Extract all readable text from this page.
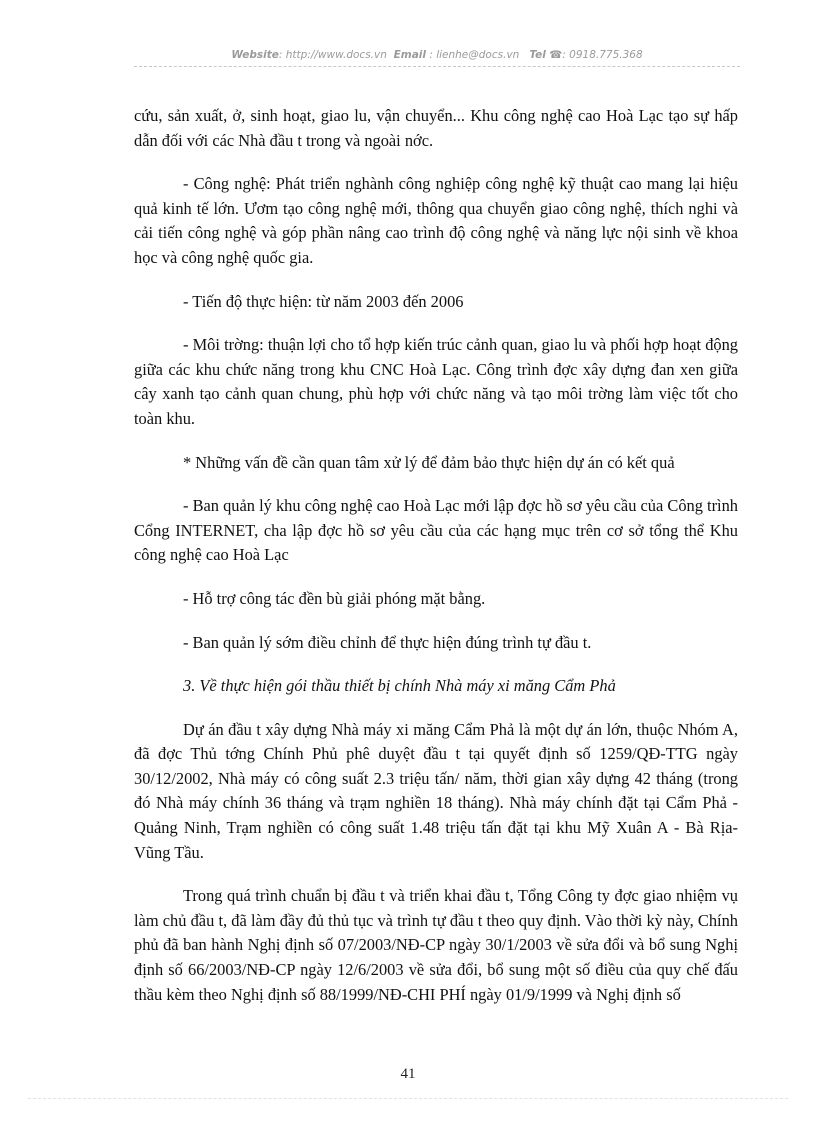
Website: http://www.docs.vn Email : lienhe@docs.vn Tel ☎: 0918.775.368

cứu, sản xuất, ở, sinh hoạt, giao lu, vận chuyển... Khu công nghệ cao Hoà Lạc tạo sự hấp dẫn đối với các Nhà đầu t trong và ngoài nớc.

- Công nghệ: Phát triển nghành công nghiệp công nghệ kỹ thuật cao mang lại hiệu quả kinh tế lớn. Ươm tạo công nghệ mới, thông qua chuyển giao công nghệ, thích nghi và cải tiến công nghệ và góp phần nâng cao trình độ công nghệ và năng lực nội sinh về khoa học và công nghệ quốc gia.

- Tiến độ thực hiện: từ năm 2003 đến 2006

- Môi trờng: thuận lợi cho tổ hợp kiến trúc cảnh quan, giao lu và phối hợp hoạt động giữa các khu chức năng trong khu CNC Hoà Lạc. Công trình đợc xây dựng đan xen giữa cây xanh tạo cảnh quan chung, phù hợp với chức năng và tạo môi trờng làm việc tốt cho toàn khu.

* Những vấn đề cần quan tâm xử lý để đảm bảo thực hiện dự án có kết quả

- Ban quản lý khu công nghệ cao Hoà Lạc mới lập đợc hồ sơ yêu cầu của Công trình Cổng INTERNET, cha lập đợc hồ sơ yêu cầu của các hạng mục trên cơ sở tổng thể Khu công nghệ cao Hoà Lạc

- Hỗ trợ công tác đền bù giải phóng mặt bằng.

- Ban quản lý sớm điều chỉnh để thực hiện đúng trình tự đầu t.

3. Về thực hiện gói thầu thiết bị chính Nhà máy xi măng Cẩm Phả

Dự án đầu t xây dựng Nhà máy xi măng Cẩm Phả là một dự án lớn, thuộc Nhóm A, đã đợc Thủ tớng Chính Phủ phê duyệt đầu t tại quyết định số 1259/QĐ-TTG ngày 30/12/2002, Nhà máy có công suất 2.3 triệu tấn/ năm, thời gian xây dựng 42 tháng (trong đó Nhà máy chính 36 tháng và trạm nghiền 18 tháng). Nhà máy chính đặt tại Cẩm Phả - Quảng Ninh, Trạm nghiền có công suất 1.48 triệu tấn đặt tại khu Mỹ Xuân A - Bà Rịa- Vũng Tầu.

Trong quá trình chuẩn bị đầu t và triển khai đầu t, Tổng Công ty đợc giao nhiệm vụ làm chủ đầu t, đã làm đầy đủ thủ tục và trình tự đầu t theo quy định. Vào thời kỳ này, Chính phủ đã ban hành Nghị định số 07/2003/NĐ-CP ngày 30/1/2003 về sửa đổi và bổ sung Nghị định số 66/2003/NĐ-CP ngày 12/6/2003 về sửa đổi, bổ sung một số điều của quy chế đấu thầu kèm theo Nghị định số 88/1999/NĐ-CHI PHÍ ngày 01/9/1999 và Nghị định số

41
